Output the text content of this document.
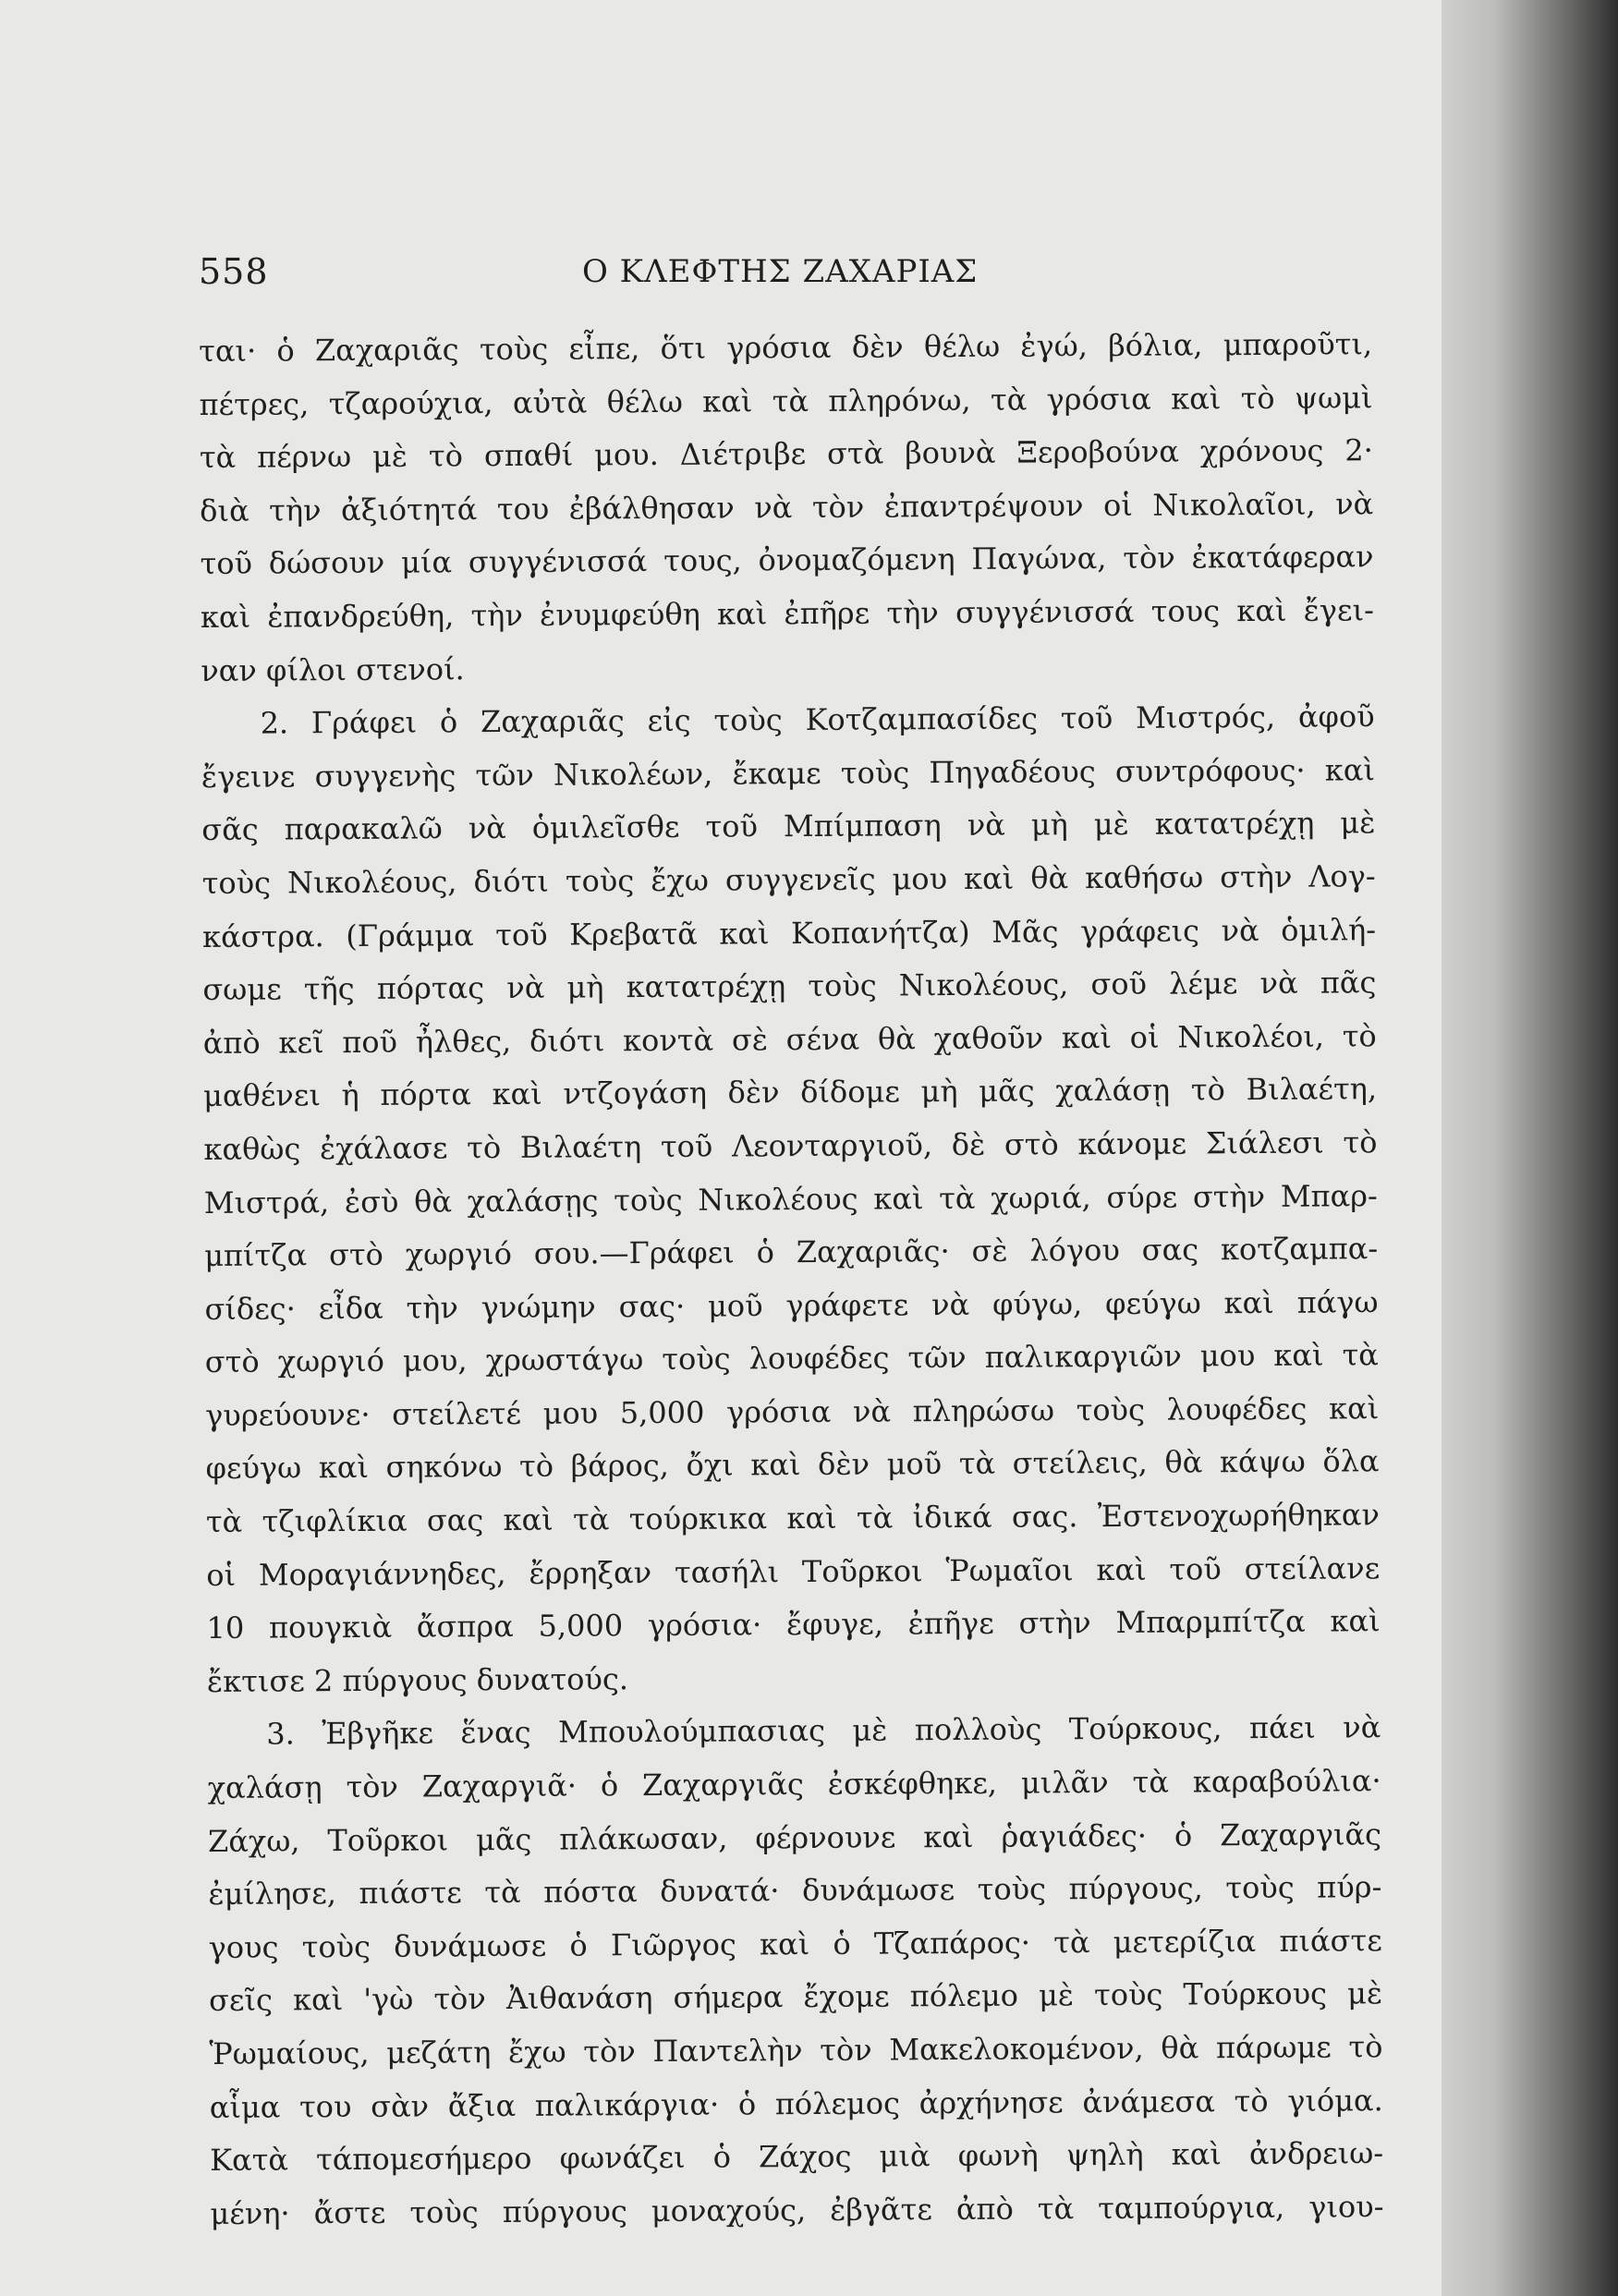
558	Ο ΚΛΕΦΤΗΣ ΖΑΧΑΡΙΑΣ
ται· ὁ Ζαχαριᾶς τοὺς εἶπε, ὅτι γρόσια δὲν θέλω ἐγώ, βόλια, μπαροῦτι,
πέτρες, τζαρούχια, αὐτὰ θέλω καὶ τὰ πληρόνω, τὰ γρόσια καὶ τὸ ψωμὶ
τὰ πέρνω μὲ τὸ σπαθί μου. Διέτριβε στὰ βουνὰ Ξεροβούνα χρόνους 2·
διὰ τὴν ἀξιότητά του ἐβάλθησαν νὰ τὸν ἐπαντρέψουν οἱ Νικολαῖοι, νὰ
τοῦ δώσουν μία συγγένισσά τους, ὀνομαζόμενη Παγώνα, τὸν ἐκατάφεραν
καὶ ἐπανδρεύθη, τὴν ἐνυμφεύθη καὶ ἐπῆρε τὴν συγγένισσά τους καὶ ἔγει-
ναν φίλοι στενοί.
2. Γράφει ὁ Ζαχαριᾶς εἰς τοὺς Κοτζαμπασίδες τοῦ Μιστρός, ἀφοῦ
ἔγεινε συγγενὴς τῶν Νικολέων, ἔκαμε τοὺς Πηγαδέους συντρόφους· καὶ
σᾶς παρακαλῶ νὰ ὁμιλεῖσθε τοῦ Μπίμπαση νὰ μὴ μὲ κατατρέχῃ μὲ
τοὺς Νικολέους, διότι τοὺς ἔχω συγγενεῖς μου καὶ θὰ καθήσω στὴν Λογ-
κάστρα. (Γράμμα τοῦ Κρεβατᾶ καὶ Κοπανήτζα) Μᾶς γράφεις νὰ ὁμιλή-
σωμε τῆς πόρτας νὰ μὴ κατατρέχῃ τοὺς Νικολέους, σοῦ λέμε νὰ πᾶς
ἀπὸ κεῖ ποῦ ἦλθες, διότι κοντὰ σὲ σένα θὰ χαθοῦν καὶ οἱ Νικολέοι, τὸ
μαθένει ἡ πόρτα καὶ ντζογάση δὲν δίδομε μὴ μᾶς χαλάσῃ τὸ Βιλαέτη,
καθὼς ἐχάλασε τὸ Βιλαέτη τοῦ Λεονταργιοῦ, δὲ στὸ κάνομε Σιάλεσι τὸ
Μιστρά, ἐσὺ θὰ χαλάσῃς τοὺς Νικολέους καὶ τὰ χωριά, σύρε στὴν Μπαρ-
μπίτζα στὸ χωργιό σου.—Γράφει ὁ Ζαχαριᾶς· σὲ λόγου σας κοτζαμπα-
σίδες· εἶδα τὴν γνώμην σας· μοῦ γράφετε νὰ φύγω, φεύγω καὶ πάγω
στὸ χωργιό μου, χρωστάγω τοὺς λουφέδες τῶν παλικαργιῶν μου καὶ τὰ
γυρεύουνε· στείλετέ μου 5,000 γρόσια νὰ πληρώσω τοὺς λουφέδες καὶ
φεύγω καὶ σηκόνω τὸ βάρος, ὄχι καὶ δὲν μοῦ τὰ στείλεις, θὰ κάψω ὅλα
τὰ τζιφλίκια σας καὶ τὰ τούρκικα καὶ τὰ ἰδικά σας. Ἐστενοχωρήθηκαν
οἱ Μοραγιάννηδες, ἔρρηξαν τασήλι Τοῦρκοι Ῥωμαῖοι καὶ τοῦ στείλανε
10 πουγκιὰ ἄσπρα 5,000 γρόσια· ἔφυγε, ἐπῆγε στὴν Μπαρμπίτζα καὶ
ἔκτισε 2 πύργους δυνατούς.
3. Ἐβγῆκε ἕνας Μπουλούμπασιας μὲ πολλοὺς Τούρκους, πάει νὰ
χαλάσῃ τὸν Ζαχαργιᾶ· ὁ Ζαχαργιᾶς ἐσκέφθηκε, μιλᾶν τὰ καραβούλια·
Ζάχω, Τοῦρκοι μᾶς πλάκωσαν, φέρνουνε καὶ ῥαγιάδες· ὁ Ζαχαργιᾶς
ἐμίλησε, πιάστε τὰ πόστα δυνατά· δυνάμωσε τοὺς πύργους, τοὺς πύρ-
γους τοὺς δυνάμωσε ὁ Γιῶργος καὶ ὁ Τζαπάρος· τὰ μετερίζια πιάστε
σεῖς καὶ 'γὼ τὸν Ἀιθανάση σήμερα ἔχομε πόλεμο μὲ τοὺς Τούρκους μὲ
Ῥωμαίους, μεζάτη ἔχω τὸν Παντελὴν τὸν Μακελοκομένον, θὰ πάρωμε τὸ
αἷμα του σὰν ἄξια παλικάργια· ὁ πόλεμος ἀρχήνησε ἀνάμεσα τὸ γιόμα.
Κατὰ τάπομεσήμερο φωνάζει ὁ Ζάχος μιὰ φωνὴ ψηλὴ καὶ ἀνδρειω-
μένη· ἄστε τοὺς πύργους μοναχούς, ἐβγᾶτε ἀπὸ τὰ ταμπούργια, γιου-
